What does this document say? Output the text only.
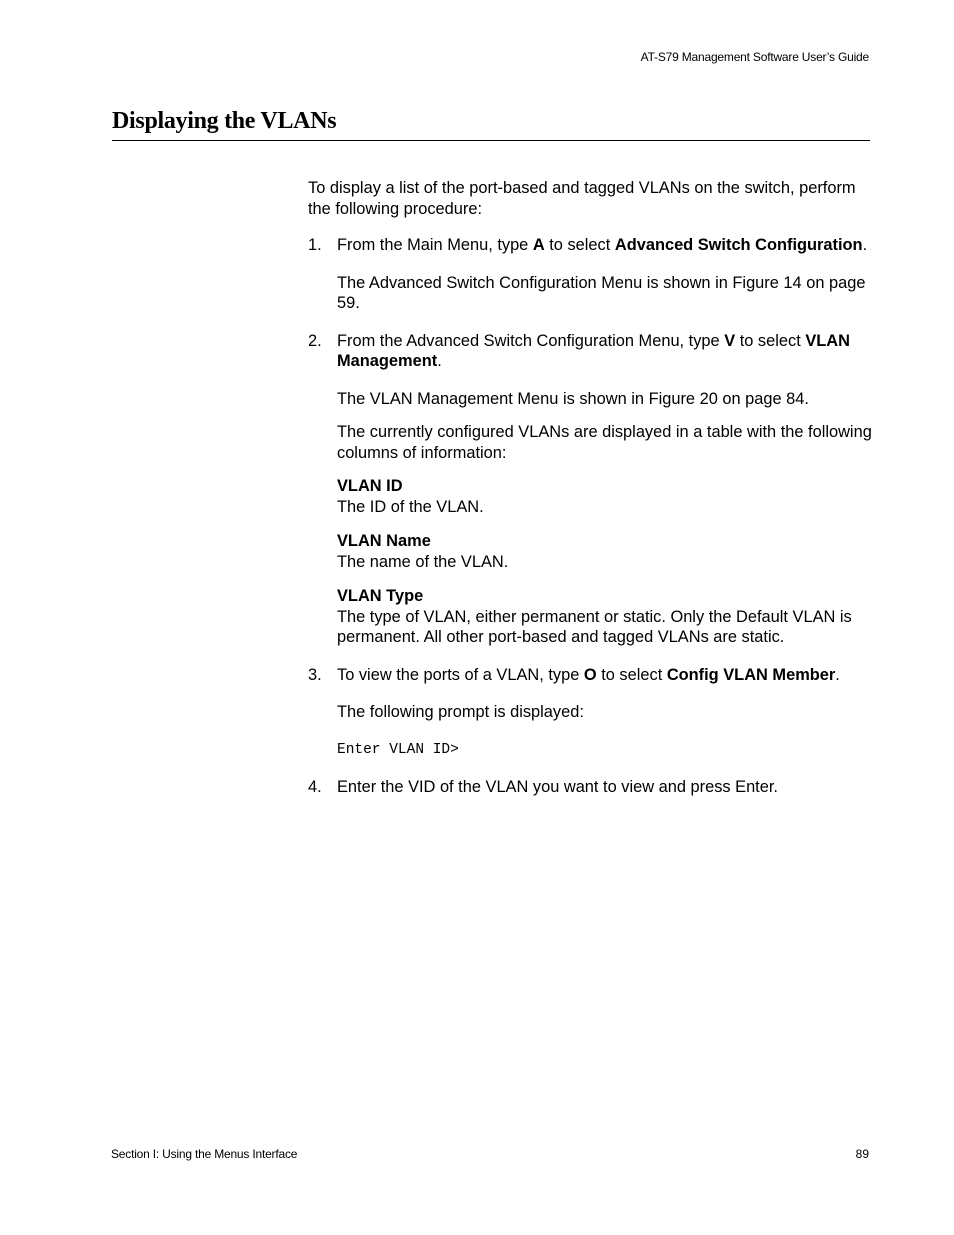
AT-S79 Management Software User’s Guide
Displaying the VLANs

To display a list of the port-based and tagged VLANs on the switch, perform the following procedure:

1. From the Main Menu, type A to select Advanced Switch Configuration.

The Advanced Switch Configuration Menu is shown in Figure 14 on page 59.

2. From the Advanced Switch Configuration Menu, type V to select VLAN Management.

The VLAN Management Menu is shown in Figure 20 on page 84.

The currently configured VLANs are displayed in a table with the following columns of information:

VLAN ID

The ID of the VLAN.

VLAN Name

The name of the VLAN.

VLAN Type

The type of VLAN, either permanent or static. Only the Default VLAN is permanent. All other port-based and tagged VLANs are static.

3. To view the ports of a VLAN, type O to select Config VLAN Member.

The following prompt is displayed:

Enter VLAN ID>

4. Enter the VID of the VLAN you want to view and press Enter.

Section I: Using the Menus Interface	89
